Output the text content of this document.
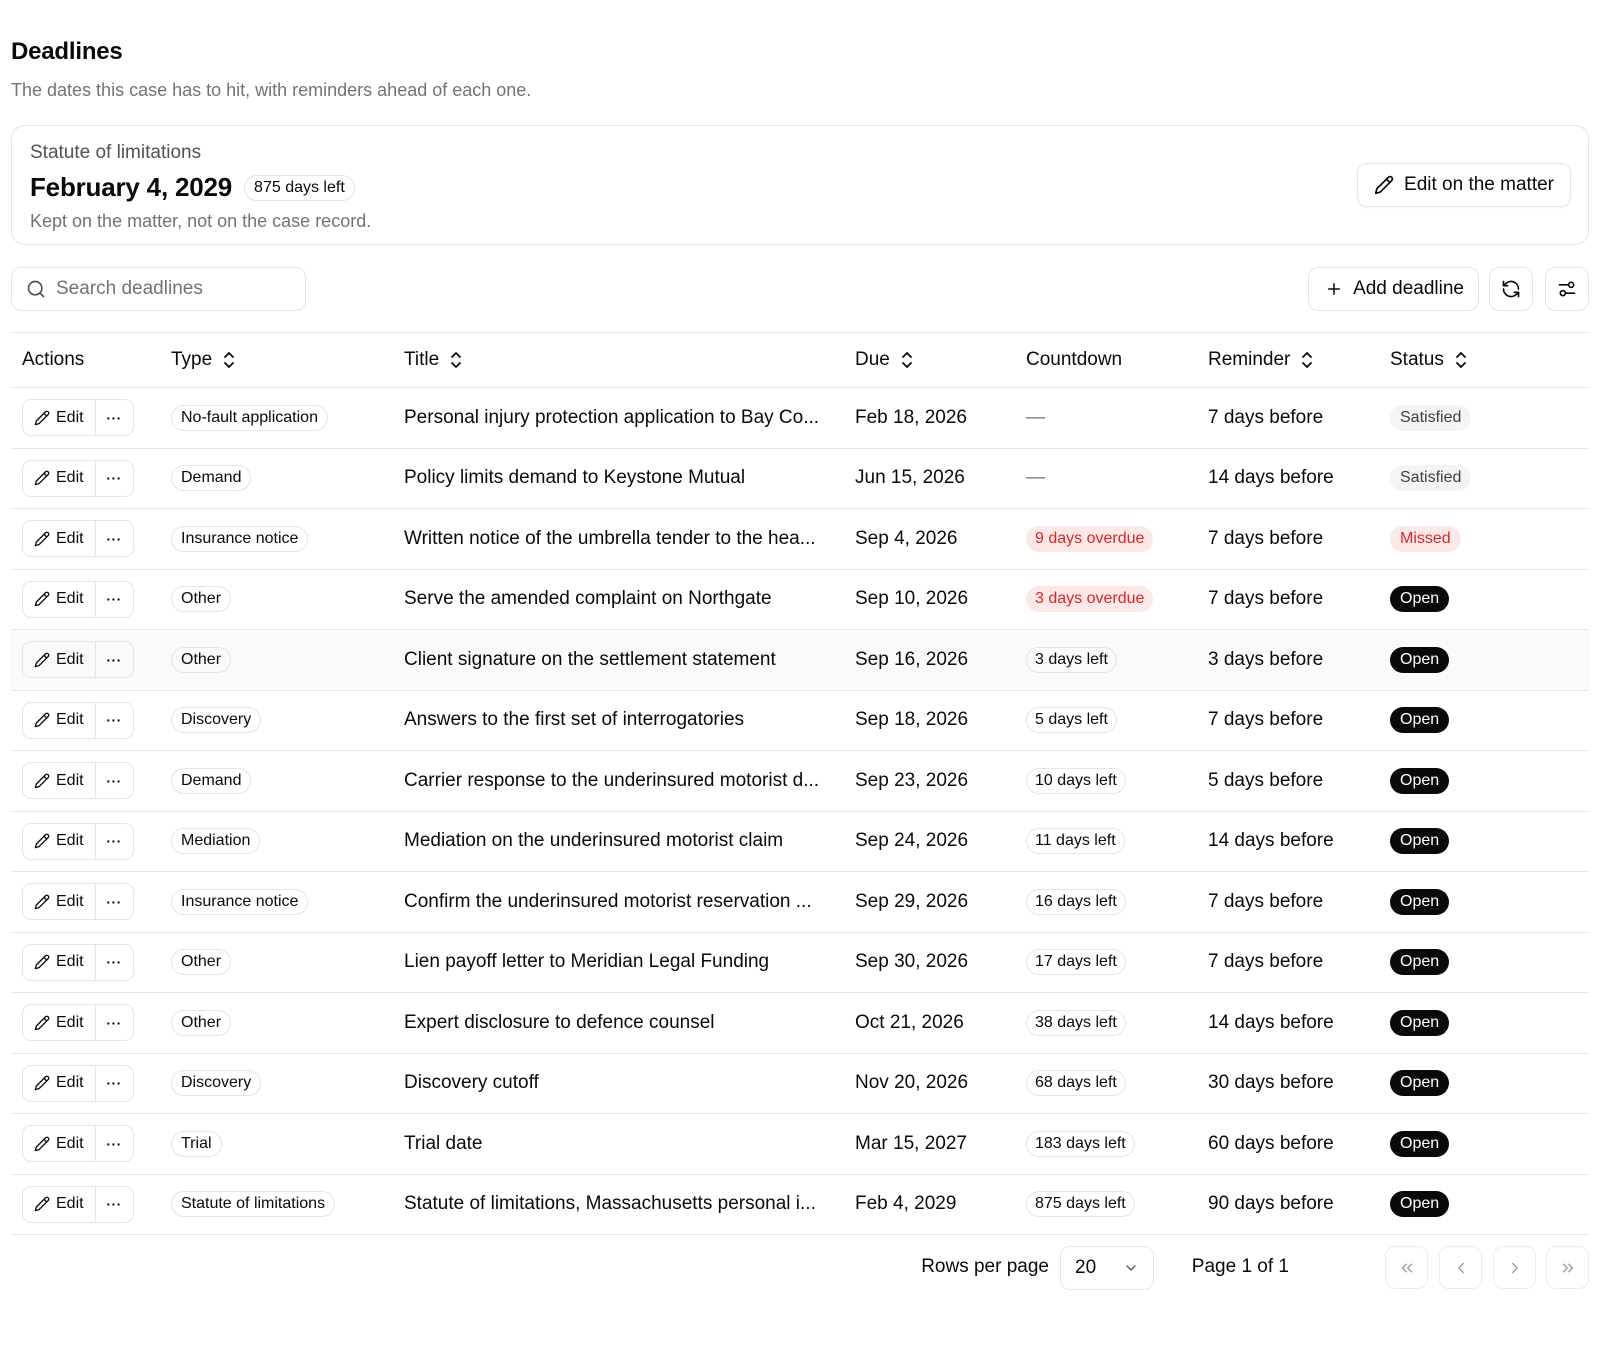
Deadlines

The dates this case has to hit, with reminders ahead of each one.

Statute of limitations
February 4, 2029	875 days left
Kept on the matter, not on the case record.
Edit on the matter
Search deadlines
Add deadline
Actions	Type	Title	Due	Countdown	Reminder	Status

Edit ···	No-fault application	Personal injury protection application to Bay Co...	Feb 18, 2026	—	7 days before	Satisfied

Edit ···	Demand	Policy limits demand to Keystone Mutual	Jun 15, 2026	—	14 days before	Satisfied

Edit ···	Insurance notice	Written notice of the umbrella tender to the hea...	Sep 4, 2026	9 days overdue	7 days before	Missed

Edit ···	Other	Serve the amended complaint on Northgate	Sep 10, 2026	3 days overdue	7 days before	Open

Edit ···	Other	Client signature on the settlement statement	Sep 16, 2026	3 days left	3 days before	Open

Edit ···	Discovery	Answers to the first set of interrogatories	Sep 18, 2026	5 days left	7 days before	Open

Edit ···	Demand	Carrier response to the underinsured motorist d...	Sep 23, 2026	10 days left	5 days before	Open

Edit ···	Mediation	Mediation on the underinsured motorist claim	Sep 24, 2026	11 days left	14 days before	Open

Edit ···	Insurance notice	Confirm the underinsured motorist reservation ...	Sep 29, 2026	16 days left	7 days before	Open

Edit ···	Other	Lien payoff letter to Meridian Legal Funding	Sep 30, 2026	17 days left	7 days before	Open

Edit ···	Other	Expert disclosure to defence counsel	Oct 21, 2026	38 days left	14 days before	Open

Edit ···	Discovery	Discovery cutoff	Nov 20, 2026	68 days left	30 days before	Open

Edit ···	Trial	Trial date	Mar 15, 2027	183 days left	60 days before	Open

Edit ···	Statute of limitations	Statute of limitations, Massachusetts personal i...	Feb 4, 2029	875 days left	90 days before	Open
Rows per page 20	Page 1 of 1
